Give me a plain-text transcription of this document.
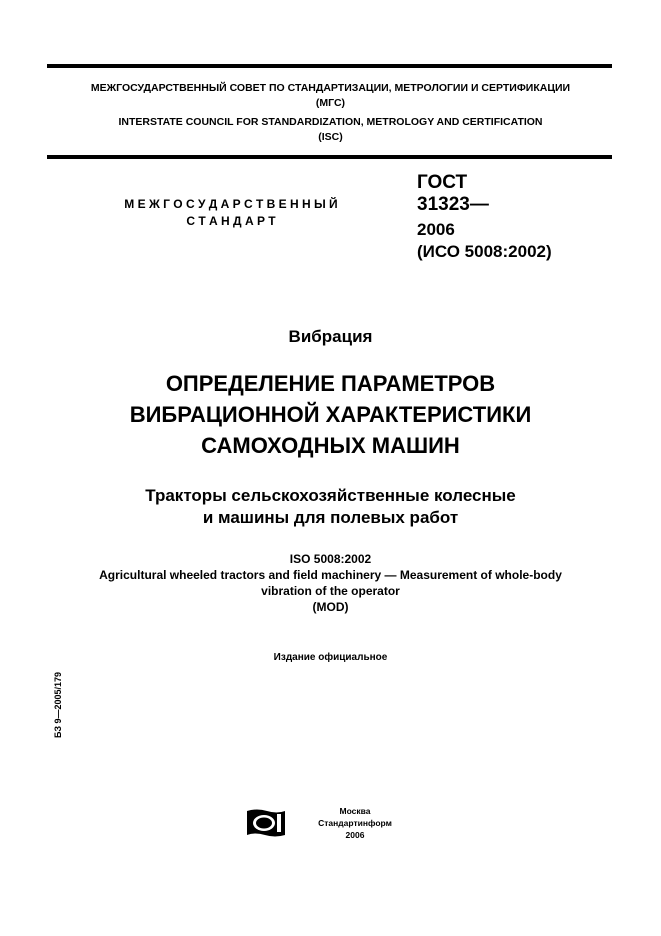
МЕЖГОСУДАРСТВЕННЫЙ СОВЕТ ПО СТАНДАРТИЗАЦИИ, МЕТРОЛОГИИ И СЕРТИФИКАЦИИ
(МГС)
INTERSTATE COUNCIL FOR STANDARDIZATION, METROLOGY AND CERTIFICATION
(ISC)
М Е Ж Г О С У Д А Р С Т В Е Н Н Ы Й
С Т А Н Д А Р Т
ГОСТ
31323—
2006
(ИСО 5008:2002)
Вибрация
ОПРЕДЕЛЕНИЕ ПАРАМЕТРОВ
ВИБРАЦИОННОЙ ХАРАКТЕРИСТИКИ
САМОХОДНЫХ МАШИН
Тракторы сельскохозяйственные колесные
и машины для полевых работ
ISO 5008:2002
Agricultural wheeled tractors and field machinery — Measurement of whole-body
vibration of the operator
(MOD)
Издание официальное
БЗ 9—2005/179
Москва
Стандартинформ
2006
